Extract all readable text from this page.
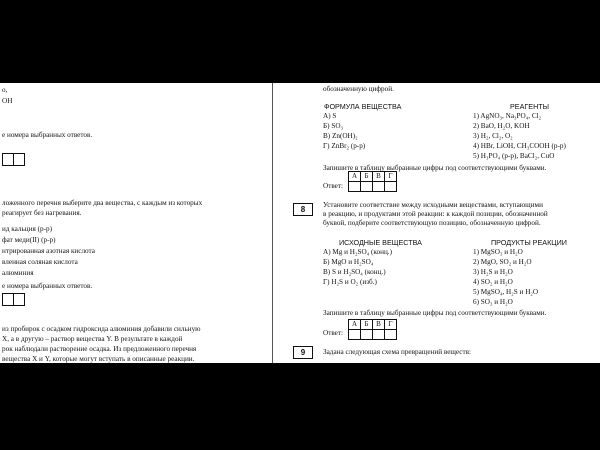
о,
ОН
е номера выбранных ответов.
ложенного перечня выберите два вещества, с каждым из которых
реагирует без нагревания.
ид кальция (р-р)
фат меди(II) (р-р)
нтрированная азотная кислота
вленная соляная кислота
алюминия
е номера выбранных ответов.
из пробирок с осадком гидроксида алюминия добавили сильную
X, а в другую – раствор вещества Y. В результате в каждой
рок наблюдали растворение осадка. Из предложенного перечня
вещества X и Y, которые могут вступать в описанные реакции.
обозначенную цифрой.
ФОРМУЛА ВЕЩЕСТВА	РЕАГЕНТЫ
А) S
Б) SO₃
В) Zn(OH)₂
Г) ZnBr₂ (р-р)
1) AgNO₃, Na₃PO₄, Cl₂
2) BaO, H₂O, KOH
3) H₂, Cl₂, O₂
4) HBr, LiOH, CH₃COOH (р-р)
5) H₃PO₄ (р-р), BaCl₂, CuO
Запишите в таблицу выбранные цифры под соответствующими буквами.
Ответ:
А	Б	В	Г

8	Установите соответствие между исходными веществами, вступающими
в реакцию, и продуктами этой реакции: к каждой позиции, обозначенной
буквой, подберите соответствующую позицию, обозначенную цифрой.
ИСХОДНЫЕ ВЕЩЕСТВА	ПРОДУКТЫ РЕАКЦИИ
А) Mg и H₂SO₄ (конц.)
Б) MgO и H₂SO₄
В) S и H₂SO₄ (конц.)
Г) H₂S и O₂ (изб.)
1) MgSO₃ и H₂O
2) MgO, SO₂ и H₂O
3) H₂S и H₂O
4) SO₂ и H₂O
5) MgSO₄, H₂S и H₂O
6) SO₃ и H₂O
Запишите в таблицу выбранные цифры под соответствующими буквами.
Ответ:
А	Б	В	Г

9	Задана следующая схема превращений веществ:
